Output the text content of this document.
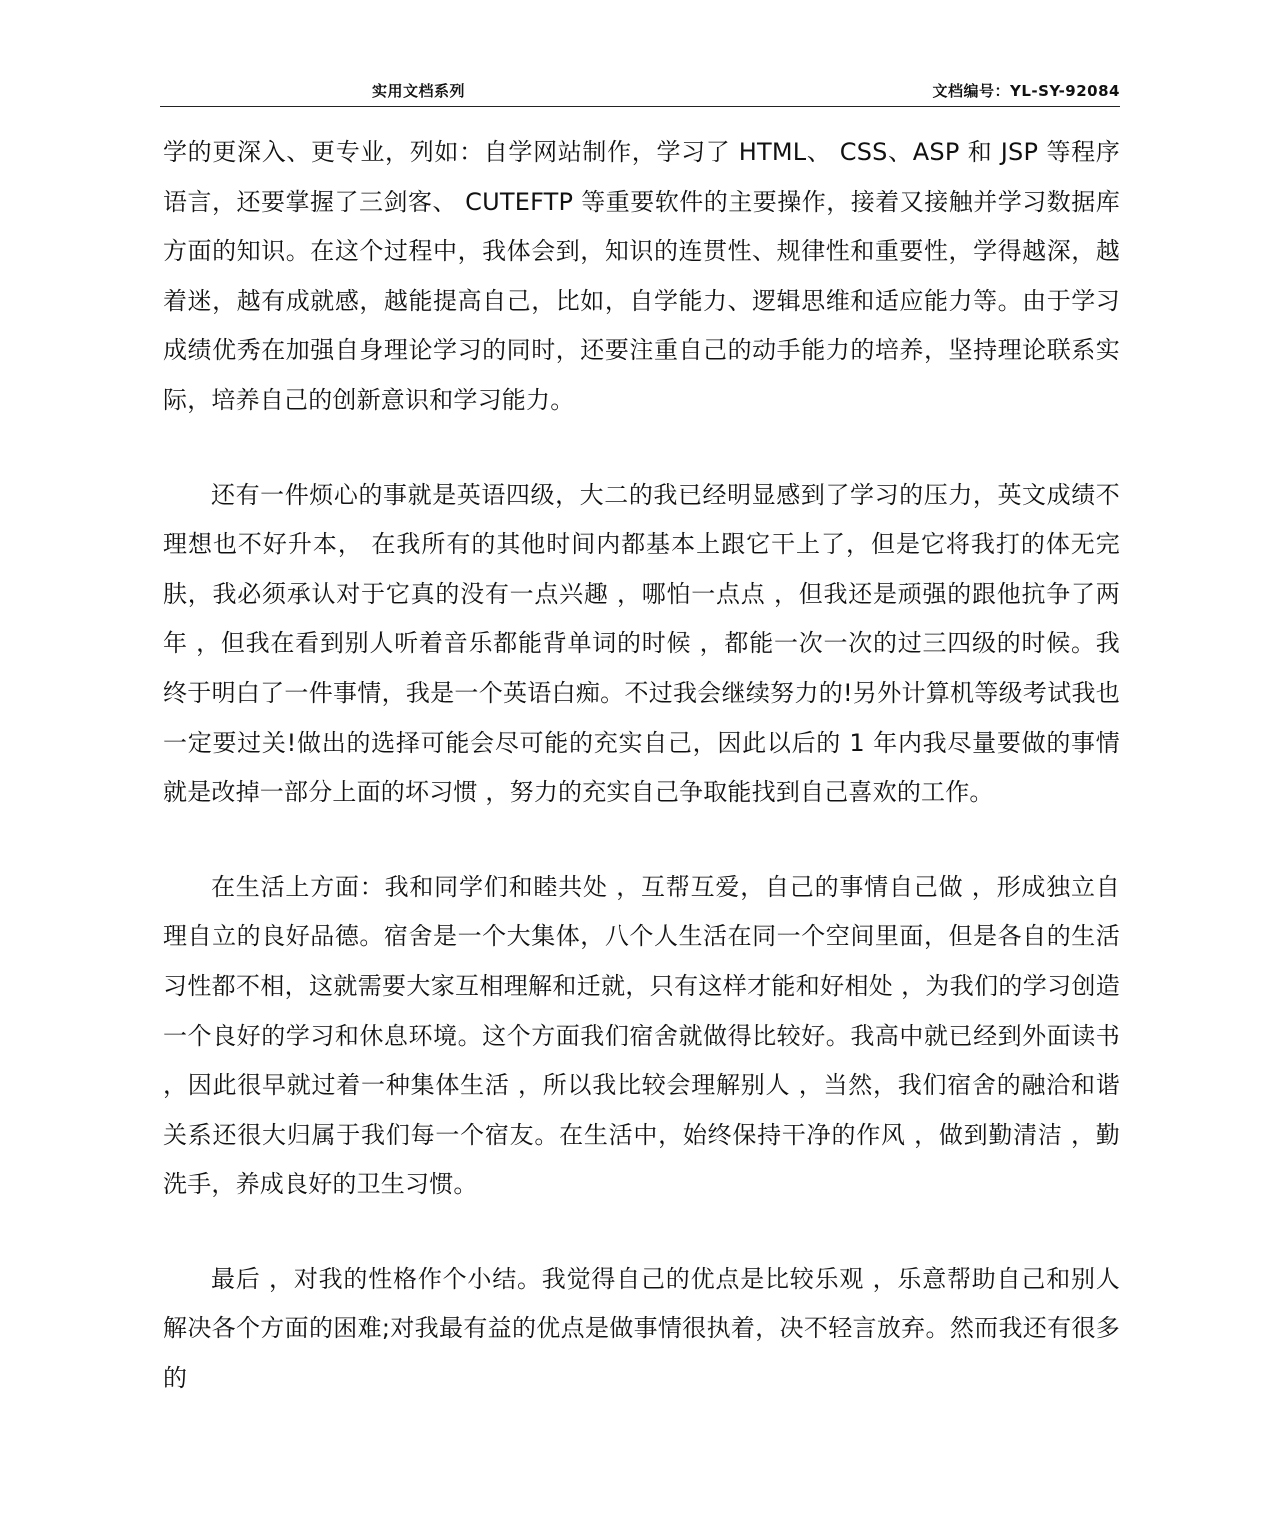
实用文档系列	文档编号：YL-SY-92084

学的更深入、更专业，列如：自学网站制作，学习了 HTML、 CSS、ASP 和 JSP 等程序语言，还要掌握了三剑客、 CUTEFTP 等重要软件的主要操作，接着又接触并学习数据库方面的知识。在这个过程中，我体会到，知识的连贯性、规律性和重要性，学得越深，越着迷，越有成就感，越能提高自己，比如，自学能力、逻辑思维和适应能力等。由于学习成绩优秀在加强自身理论学习的同时，还要注重自己的动手能力的培养，坚持理论联系实际，培养自己的创新意识和学习能力。

还有一件烦心的事就是英语四级，大二的我已经明显感到了学习的压力，英文成绩不理想也不好升本， 在我所有的其他时间内都基本上跟它干上了，但是它将我打的体无完肤，我必须承认对于它真的没有一点兴趣 ，哪怕一点点 ，但我还是顽强的跟他抗争了两年 ，但我在看到别人听着音乐都能背单词的时候 ，都能一次一次的过三四级的时候。我终于明白了一件事情，我是一个英语白痴。不过我会继续努力的!另外计算机等级考试我也一定要过关!做出的选择可能会尽可能的充实自己，因此以后的 1 年内我尽量要做的事情就是改掉一部分上面的坏习惯 ，努力的充实自己争取能找到自己喜欢的工作。

在生活上方面：我和同学们和睦共处 ，互帮互爱，自己的事情自己做 ，形成独立自理自立的良好品德。宿舍是一个大集体，八个人生活在同一个空间里面，但是各自的生活习性都不相，这就需要大家互相理解和迁就，只有这样才能和好相处 ，为我们的学习创造一个良好的学习和休息环境。这个方面我们宿舍就做得比较好。我高中就已经到外面读书 ，因此很早就过着一种集体生活 ，所以我比较会理解别人 ，当然，我们宿舍的融洽和谐关系还很大归属于我们每一个宿友。在生活中，始终保持干净的作风 ，做到勤清洁 ，勤洗手，养成良好的卫生习惯。

最后 ，对我的性格作个小结。我觉得自己的优点是比较乐观 ，乐意帮助自己和别人解决各个方面的困难;对我最有益的优点是做事情很执着，决不轻言放弃。然而我还有很多的
